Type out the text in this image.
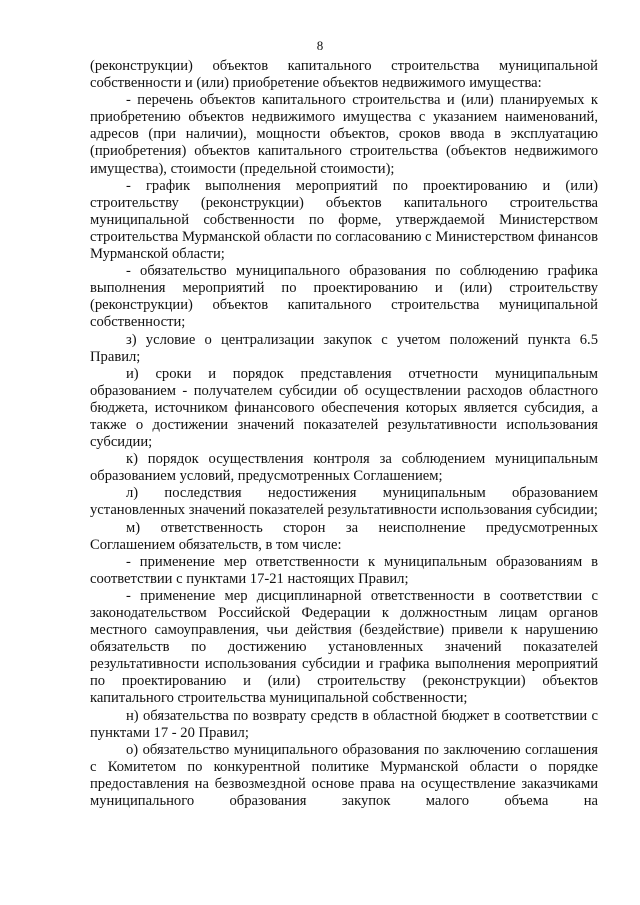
8

(реконструкции) объектов капитального строительства муниципальной собственности и (или) приобретение объектов недвижимого имущества:

- перечень объектов капитального строительства и (или) планируемых к приобретению объектов недвижимого имущества с указанием наименований, адресов (при наличии), мощности объектов, сроков ввода в эксплуатацию (приобретения) объектов капитального строительства (объектов недвижимого имущества), стоимости (предельной стоимости);

- график выполнения мероприятий по проектированию и (или) строительству (реконструкции) объектов капитального строительства муниципальной собственности по форме, утверждаемой Министерством строительства Мурманской области по согласованию с Министерством финансов Мурманской области;

- обязательство муниципального образования по соблюдению графика выполнения мероприятий по проектированию и (или) строительству (реконструкции) объектов капитального строительства муниципальной собственности;

з) условие о централизации закупок с учетом положений пункта 6.5 Правил;

и) сроки и порядок представления отчетности муниципальным образованием - получателем субсидии об осуществлении расходов областного бюджета, источником финансового обеспечения которых является субсидия, а также о достижении значений показателей результативности использования субсидии;

к) порядок осуществления контроля за соблюдением муниципальным образованием условий, предусмотренных Соглашением;

л) последствия недостижения муниципальным образованием установленных значений показателей результативности использования субсидии;

м) ответственность сторон за неисполнение предусмотренных Соглашением обязательств, в том числе:

- применение мер ответственности к муниципальным образованиям в соответствии с пунктами 17-21 настоящих Правил;

- применение мер дисциплинарной ответственности в соответствии с законодательством Российской Федерации к должностным лицам органов местного самоуправления, чьи действия (бездействие) привели к нарушению обязательств по достижению установленных значений показателей результативности использования субсидии и графика выполнения мероприятий по проектированию и (или) строительству (реконструкции) объектов капитального строительства муниципальной собственности;

н) обязательства по возврату средств в областной бюджет в соответствии с пунктами 17 - 20 Правил;

о) обязательство муниципального образования по заключению соглашения с Комитетом по конкурентной политике Мурманской области о порядке предоставления на безвозмездной основе права на осуществление заказчиками муниципального образования закупок малого объема на
